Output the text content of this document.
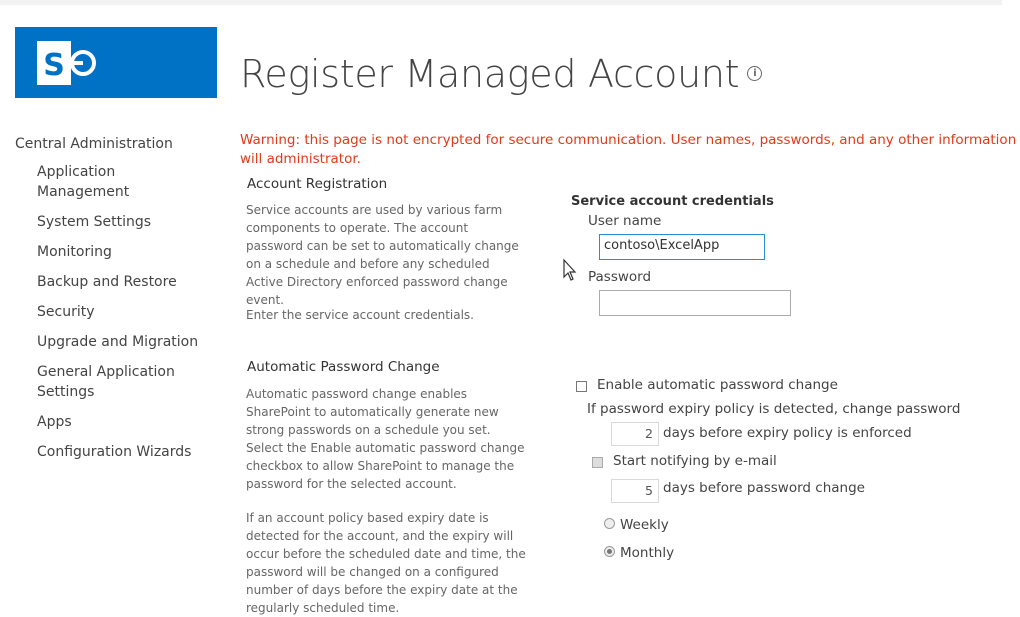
S	Register Managed Account i
Central Administration
Application Management
System Settings
Monitoring
Backup and Restore
Security
Upgrade and Migration
General Application Settings
Apps
Configuration Wizards
Warning: this page is not encrypted for secure communication. User names, passwords, and any other information will administrator.
Account Registration
Service accounts are used by various farm components to operate. The account password can be set to automatically change on a schedule and before any scheduled Active Directory enforced password change event.
Enter the service account credentials.
Service account credentials
User name
contoso\ExcelApp
Password
Automatic Password Change
Automatic password change enables SharePoint to automatically generate new strong passwords on a schedule you set. Select the Enable automatic password change checkbox to allow SharePoint to manage the password for the selected account.
If an account policy based expiry date is detected for the account, and the expiry will occur before the scheduled date and time, the password will be changed on a configured number of days before the expiry date at the regularly scheduled time.
Enable automatic password change
If password expiry policy is detected, change password
2 days before expiry policy is enforced
Start notifying by e-mail
5 days before password change
Weekly
Monthly
